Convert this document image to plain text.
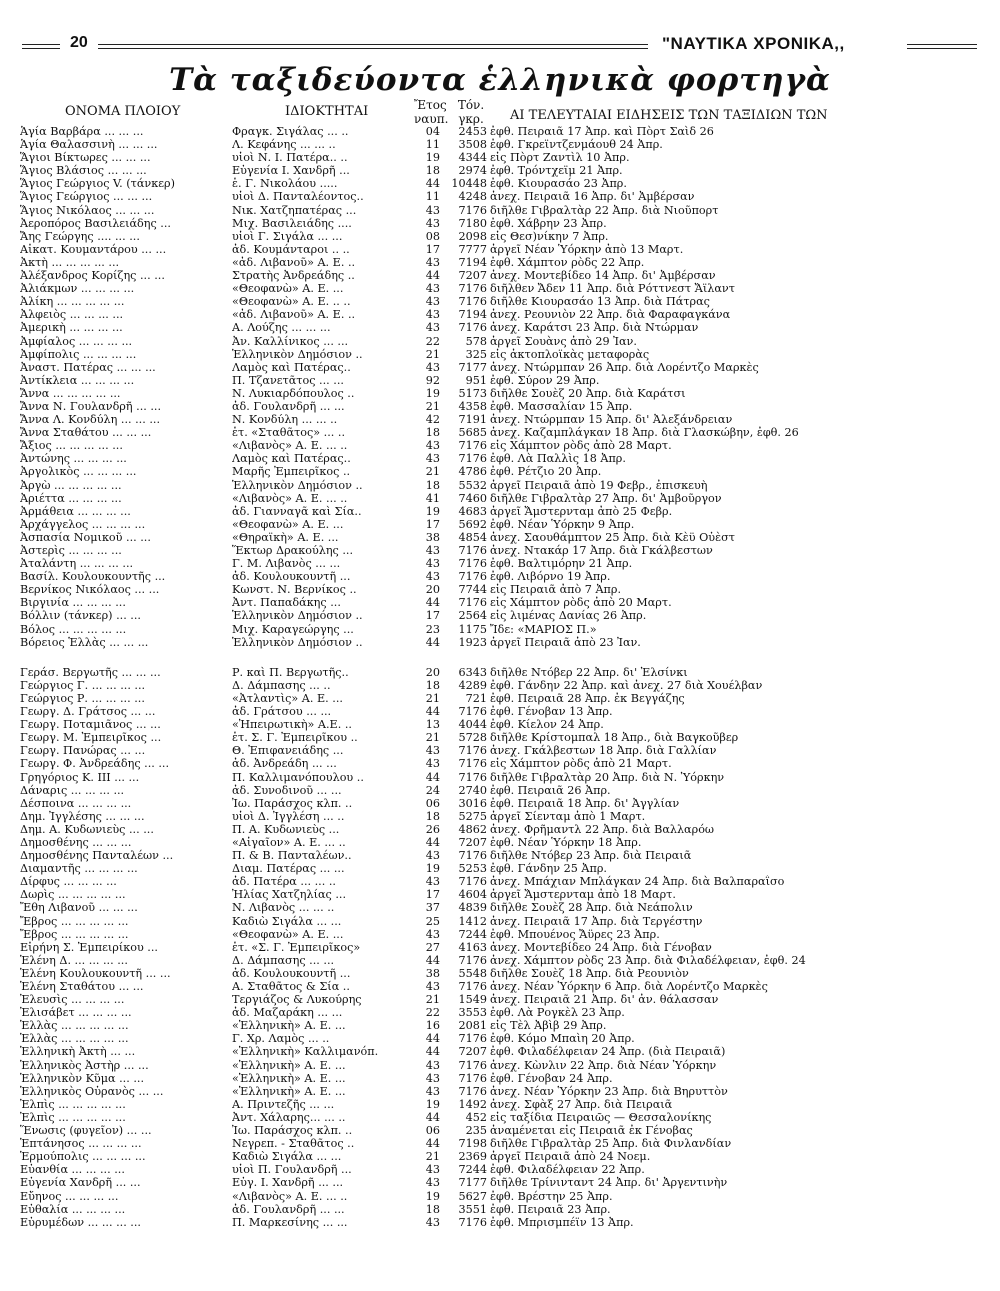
20	"ΝΑΥΤΙΚΑ ΧΡΟΝΙΚΑ,,
Τὰ ταξιδεύοντα ἑλληνικὰ φορτηγὰ
ΟΝΟΜΑ ΠΛΟΙΟΥ	ΙΔΙΟΚΤΗΤΑΙ	Ἔτος
ναυπ.
Τόν.
γκρ.	ΑΙ ΤΕΛΕΥΤΑΙΑΙ ΕΙΔΗΣΕΙΣ ΤΩΝ ΤΑΞΙΔΙΩΝ ΤΩΝ
Ἁγία Βαρβάρα ... ... ...	Φραγκ. Σιγάλας ... ..	04	2453 ἐφθ. Πειραιᾶ 17 Ἀπρ. καὶ Πὸρτ Σαὶδ 26
Ἁγία Θαλασσινὴ ... ... ...	Λ. Κεφάνης ... ... ..	11	3508 ἐφθ. Γκρεϊντζενμάουθ 24 Ἀπρ.
Ἅγιοι Βίκτωρες ... ... ...	υἱοὶ Ν. Ι. Πατέρα.. ..	19	4344 εἰς Πὸρτ Ζαντὶλ 10 Ἀπρ.
Ἅγιος Βλάσιος ... ... ...	Εὐγενία Ι. Χανδρῆ ...	18	2974 ἐφθ. Τρόντχεϊμ 21 Ἀπρ.
Ἅγιος Γεώργιος V. (τάνκερ)	ἑ. Γ. Νικολάου .....	44	10448 ἐφθ. Κιουρασάο 23 Ἀπρ.
Ἅγιος Γεώργιος ... ... ...	υἱοὶ Δ. Πανταλέοντος..	11	4248 ἀνεχ. Πειραιᾶ 16 Ἀπρ. δι' Ἀμβέρσαν
Ἅγιος Νικόλαος ... ... ...	Νικ. Χατζηπατέρας ...	43	7176 διῆλθε Γιβραλτὰρ 22 Ἀπρ. διὰ Νιοῦπορτ
Ἀεροπόρος Βασιλειάδης ...	Μιχ. Βασιλειάδης ....	43	7180 ἐφθ. Χάβρην 23 Ἀπρ.
Ἄης Γεώργης .... ... ...	υἱοὶ Γ. Σιγάλα ... ...	08	2098 εἰς Θεσ)νίκην 7 Ἀπρ.
Αἰκατ. Κουμαντάρου ... ...	ἀδ. Κουμάνταροι .. ..	17	7777 ἀργεῖ Νέαν Ὑόρκην ἀπὸ 13 Μαρτ.
Ἀκτὴ ... ... ... ... ...	«ἀδ. Λιβανοῦ» Α. Ε. ..	43	7194 ἐφθ. Χάμπτον ρὸδς 22 Ἀπρ.
Ἀλέξανδρος Κορίζης ... ...	Στρατὴς Ἀνδρεάδης ..	44	7207 ἀνεχ. Μοντεβίδεο 14 Ἀπρ. δι' Ἀμβέρσαν
Ἀλιάκμων ... ... ... ...	«Θεοφανὼ» Α. Ε. ...	43	7176 διῆλθεν Ἄδεν 11 Ἀπρ. διὰ Ρόττνεστ Ἄϊλαντ
Ἀλίκη ... ... ... ... ...	«Θεοφανὼ» Α. Ε. .. ..	43	7176 διῆλθε Κιουρασάο 13 Ἀπρ. διὰ Πάτρας
Ἀλφειὸς ... ... ... ...	«ἀδ. Λιβανοῦ» Α. Ε. ..	43	7194 ἀνεχ. Ρεουνιὸν 22 Ἀπρ. διὰ Φαραφαγκάνα
Ἀμερικὴ ... ... ... ...	Α. Λούζης ... ... ...	43	7176 ἀνεχ. Καράτσι 23 Ἀπρ. διὰ Ντώρμαν
Ἀμφίαλος ... ... ... ...	Ἀν. Καλλίνικος ... ...	22	578 ἀργεῖ Σουὰνς ἀπὸ 29 Ἰαν.
Ἀμφίπολις ... ... ... ...	Ἑλληνικὸν Δημόσιον ..	21	325 εἰς ἀκτοπλοϊκὰς μεταφορὰς
Ἀναστ. Πατέρας ... ... ...	Λαμὸς καὶ Πατέρας..	43	7177 ἀνεχ. Ντώρμπαν 26 Ἀπρ. διὰ Λορέντζο Μαρκὲς
Ἀντίκλεια ... ... ... ...	Π. Τζανετᾶτος ... ...	92	951 ἐφθ. Σύρον 29 Ἀπρ.
Ἄννα ... ... ... ... ...	Ν. Λυκιαρδόπουλος ..	19	5173 διῆλθε Σουὲζ 20 Ἀπρ. διὰ Καράτσι
Ἄννα Ν. Γουλανδρῆ ... ...	ἀδ. Γουλανδρῆ ... ...	21	4358 ἐφθ. Μασσαλίαν 15 Ἀπρ.
Ἄννα Λ. Κονδύλη ... ... ...	Ν. Κονδύλη ... ... ..	42	7191 ἀνεχ. Ντώρμπαν 15 Ἀπρ. δι' Ἀλεξάνδρειαν
Ἄννα Σταθάτου ... ... ...	ἑτ. «Σταθᾶτος» ... ..	18	5685 ἀνεχ. Καζαμπλάγκαν 18 Ἀπρ. διὰ Γλασκώβην, ἐφθ. 26
Ἄξιος ... ... ... ... ...	«Λιβανὸς» Α. Ε. ... ..	43	7176 εἰς Χάμπτον ρὸδς ἀπὸ 28 Μαρτ.
Ἀντώνης ... ... ... ...	Λαμὸς καὶ Πατέρας..	43	7176 ἐφθ. Λὰ Παλλὶς 18 Ἀπρ.
Ἀργολικὸς ... ... ... ...	Μαρῆς Ἐμπειρῖκος ..	21	4786 ἐφθ. Ρέτζιο 20 Ἀπρ.
Ἀργὼ ... ... ... ... ...	Ἑλληνικὸν Δημόσιον ..	18	5532 ἀργεῖ Πειραιᾶ ἀπὸ 19 Φεβρ., ἐπισκευὴ
Ἀριέττα ... ... ... ...	«Λιβανὸς» Α. Ε. ... ..	41	7460 διῆλθε Γιβραλτὰρ 27 Ἀπρ. δι' Ἀμβοῦργον
Ἀρμάθεια ... ... ... ...	ἀδ. Γιανναγᾶ καὶ Σία..	19	4683 ἀργεῖ Ἄμστερνταμ ἀπὸ 25 Φεβρ.
Ἀρχάγγελος ... ... ... ...	«Θεοφανὼ» Α. Ε. ...	17	5692 ἐφθ. Νέαν Ὑόρκην 9 Ἀπρ.
Ἀσπασία Νομικοῦ ... ...	«Θηραϊκὴ» Α. Ε. ...	38	4854 ἀνεχ. Σαουθάμπτον 25 Ἀπρ. διὰ Κὲϋ Οὐὲστ
Ἀστερὶς ... ... ... ...	Ἕκτωρ Δρακούλης ...	43	7176 ἀνεχ. Ντακάρ 17 Ἀπρ. διὰ Γκάλβεστων
Ἀταλάντη ... ... ... ...	Γ. Μ. Λιβανὸς ... ...	43	7176 ἐφθ. Βαλτιμόρην 21 Ἀπρ.
Βασίλ. Κουλουκουντῆς ...	ἀδ. Κουλουκουντῆ ...	43	7176 ἐφθ. Λιβόρνο 19 Ἀπρ.
Βερνίκος Νικόλαος ... ...	Κωνστ. Ν. Βερνίκος ..	20	7744 εἰς Πειραιᾶ ἀπὸ 7 Ἀπρ.
Βιργινία ... ... ... ...	Ἀντ. Παπαδάκης ...	44	7176 εἰς Χάμπτον ρὸδς ἀπὸ 20 Μαρτ.
Βόλλιν (τάνκερ) ... ...	Ἑλληνικὸν Δημόσιον ..	17	2564 εἰς λιμένας Δανίας 26 Ἀπρ.
Βόλος ... ... ... ... ...	Μιχ. Καραγεώργης ...	23	1175 Ἴδε: «ΜΑΡΙΟΣ Π.»
Βόρειος Ἑλλὰς ... ... ...	Ἑλληνικὸν Δημόσιον ..	44	1923 ἀργεῖ Πειραιᾶ ἀπὸ 23 Ἰαν.
Γεράσ. Βεργωτῆς ... ... ...	Ρ. καὶ Π. Βεργωτῆς..	20	6343 διῆλθε Ντόβερ 22 Ἀπρ. δι' Ἐλσίνκι
Γεώργιος Γ. ... ... ... ...	Δ. Δάμπασης ... ..	18	4289 ἐφθ. Γάνδην 22 Ἀπρ. καὶ ἀνεχ. 27 διὰ Χουέλβαν
Γεώργιος Ρ. ... ... ... ...	«Ἀτλαντὶς» Α. Ε. ...	21	721 ἐφθ. Πειραιᾶ 28 Ἀπρ. ἐκ Βεγγάζης
Γεωργ. Δ. Γράτσος ... ...	ἀδ. Γράτσου ... ...	44	7176 ἐφθ. Γένοβαν 13 Ἀπρ.
Γεωργ. Ποταμιᾶνος ... ...	«Ἠπειρωτικὴ» Α.Ε. ..	13	4044 ἐφθ. Κίελον 24 Ἀπρ.
Γεωργ. Μ. Ἐμπειρῖκος ...	ἑτ. Σ. Γ. Ἐμπειρῖκου ..	21	5728 διῆλθε Κρίστομπαλ 18 Ἀπρ., διὰ Βαγκοῦβερ
Γεωργ. Πανώρας ... ...	Θ. Ἐπιφανειάδης ...	43	7176 ἀνεχ. Γκάλβεστων 18 Ἀπρ. διὰ Γαλλίαν
Γεωργ. Φ. Ἀνδρεάδης ... ...	ἀδ. Ἀνδρεάδη ... ...	43	7176 εἰς Χάμπτον ρὸδς ἀπὸ 21 Μαρτ.
Γρηγόριος Κ. ΙΙΙ ... ...	Π. Καλλιμανόπουλου ..	44	7176 διῆλθε Γιβραλτὰρ 20 Ἀπρ. διὰ Ν. Ὑόρκην
Δάναρις ... ... ... ...	ἀδ. Συνοδινοῦ ... ...	24	2740 ἐφθ. Πειραιᾶ 26 Ἀπρ.
Δέσποινα ... ... ... ...	Ἰω. Παράσχος κλπ. ..	06	3016 ἐφθ. Πειραιᾶ 18 Ἀπρ. δι' Ἀγγλίαν
Δημ. Ἰγγλέσης ... ... ...	υἱοὶ Δ. Ἰγγλέση ... ..	18	5275 ἀργεῖ Σίενταμ ἀπὸ 1 Μαρτ.
Δημ. Α. Κυδωνιεὺς ... ...	Π. Α. Κυδωνιεὺς ...	26	4862 ἀνεχ. Φρῆμαντλ 22 Ἀπρ. διὰ Βαλλαρόω
Δημοσθένης ... ... ...	«Αἰγαῖον» Α. Ε. ... ..	44	7207 ἐφθ. Νέαν Ὑόρκην 18 Ἀπρ.
Δημοσθένης Πανταλέων ...	Π. & Β. Πανταλέων..	43	7176 διῆλθε Ντόβερ 23 Ἀπρ. διὰ Πειραιᾶ
Διαμαντῆς ... ... ... ...	Διαμ. Πατέρας ... ...	19	5253 ἐφθ. Γάνδην 25 Ἀπρ.
Δίρφυς ... ... ... ...	ἀδ. Πατέρα ... ... ..	43	7176 ἀνεχ. Μπάχιαν Μπλάγκαν 24 Ἀπρ. διὰ Βαλπαραΐσο
Δωρὶς ... ... ... ... ...	Ἠλίας Χατζηλίας ...	17	4604 ἀργεῖ Ἄμστερνταμ ἀπὸ 18 Μαρτ.
Ἔθη Λιβανοῦ ... ... ...	Ν. Λιβανὸς ... ... ..	37	4839 διῆλθε Σουὲζ 28 Ἀπρ. διὰ Νεάπολιν
Ἔβρος ... ... ... ... ...	Καδιὼ Σιγάλα ... ...	25	1412 ἀνεχ. Πειραιᾶ 17 Ἀπρ. διὰ Τεργέστην
Ἔβρος ... ... ... ... ...	«Θεοφανὼ» Α. Ε. ...	43	7244 ἐφθ. Μπουένος Ἄϋρες 23 Ἀπρ.
Εἰρήνη Σ. Ἐμπειρίκου ...	ἑτ. «Σ. Γ. Ἐμπειρῖκος»	27	4163 ἀνεχ. Μοντεβίδεο 24 Ἀπρ. διὰ Γένοβαν
Ἑλένη Δ. ... ... ... ...	Δ. Δάμπασης ... ...	44	7176 ἀνεχ. Χάμπτον ρὸδς 23 Ἀπρ. διὰ Φιλαδέλφειαν, ἐφθ. 24
Ἑλένη Κουλουκουντῆ ... ...	ἀδ. Κουλουκουντῆ ...	38	5548 διῆλθε Σουὲζ 18 Ἀπρ. διὰ Ρεουνιὸν
Ἑλένη Σταθάτου ... ...	Α. Σταθᾶτος & Σία ..	43	7176 ἀνεχ. Νέαν Ὑόρκην 6 Ἀπρ. διὰ Λορέντζο Μαρκὲς
Ἐλευσὶς ... ... ... ...	Τεργιάζος & Λυκούρης	21	1549 ἀνεχ. Πειραιᾶ 21 Ἀπρ. δι' ἀν. θάλασσαν
Ἐλισάβετ ... ... ... ...	ἀδ. Μαζαράκη ... ...	22	3553 ἐφθ. Λὰ Ρογκὲλ 23 Ἀπρ.
Ἑλλὰς ... ... ... ... ...	«Ἑλληνικὴ» Α. Ε. ...	16	2081 εἰς Τὲλ Ἀβὶβ 29 Ἀπρ.
Ἑλλὰς ... ... ... ... ...	Γ. Χρ. Λαμὸς ... ..	44	7176 ἐφθ. Κόμο Μπαὶη 20 Ἀπρ.
Ἑλληνικὴ Ἀκτὴ ... ...	«Ἑλληνικὴ» Καλλιμανόπ.	44	7207 ἐφθ. Φιλαδέλφειαν 24 Ἀπρ. (διὰ Πειραιᾶ)
Ἑλληνικὸς Ἀστὴρ ... ...	«Ἑλληνικὴ» Α. Ε. ...	43	7176 ἀνεχ. Κὼνλιν 22 Ἀπρ. διὰ Νέαν Ὑόρκην
Ἑλληνικὸν Κῦμα ... ...	«Ἑλληνικὴ» Α. Ε. ...	43	7176 ἐφθ. Γένοβαν 24 Ἀπρ.
Ἑλληνικὸς Οὐρανὸς ... ...	«Ἑλληνικὴ» Α. Ε. ...	43	7176 ἀνεχ. Νέαν Ὑόρκην 23 Ἀπρ. διὰ Βηρυττὸν
Ἐλπὶς ... ... ... ... ...	Α. Πριντεζῆς ... ...	19	1492 ἀνεχ. Σφὰξ 27 Ἀπρ. διὰ Πειραιᾶ
Ἐλπὶς ... ... ... ... ...	Ἀντ. Χάλαρης... ... ..	44	452 εἰς ταξίδια Πειραιῶς — Θεσσαλονίκης
Ἕνωσις (φυγεῖον) ... ...	Ἰω. Παράσχος κλπ. ..	06	235 ἀναμένεται εἰς Πειραιᾶ ἐκ Γένοβας
Ἑπτάνησος ... ... ... ...	Νεγρεπ. - Σταθᾶτος ..	44	7198 διῆλθε Γιβραλτὰρ 25 Ἀπρ. διὰ Φινλανδίαν
Ἑρμούπολις ... ... ... ...	Καδιὼ Σιγάλα ... ...	21	2369 ἀργεῖ Πειραιᾶ ἀπὸ 24 Νοεμ.
Εὐανθία ... ... ... ...	υἱοὶ Π. Γουλανδρῆ ...	43	7244 ἐφθ. Φιλαδέλφειαν 22 Ἀπρ.
Εὐγενία Χανδρῆ ... ...	Εὐγ. Ι. Χανδρῆ ... ...	43	7177 διῆλθε Τρίνινταντ 24 Ἀπρ. δι' Ἀργεντινὴν
Εὔηνος ... ... ... ...	«Λιβανὸς» Α. Ε. ... ..	19	5627 ἐφθ. Βρέστην 25 Ἀπρ.
Εὐθαλία ... ... ... ...	ἀδ. Γουλανδρῆ ... ...	18	3551 ἐφθ. Πειραιᾶ 23 Ἀπρ.
Εὐρυμέδων ... ... ... ...	Π. Μαρκεσίνης ... ...	43	7176 ἐφθ. Μπρισμπέϊν 13 Ἀπρ.
